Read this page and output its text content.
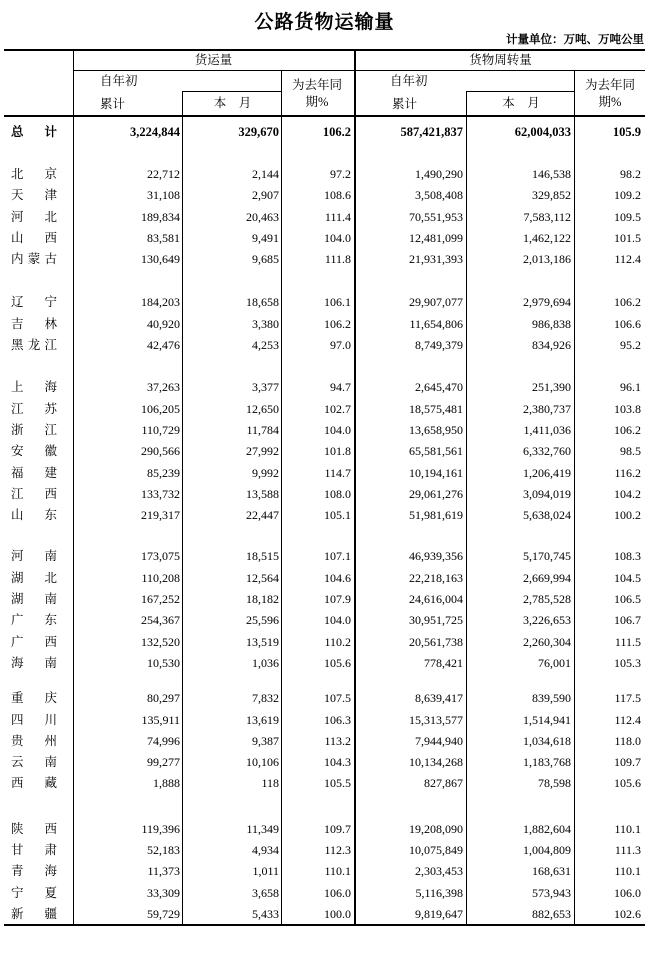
公路货物运输量
计量单位：万吨、万吨公里
货运量	货物周转量
自年初
累计	本　月
为去年同期%
自年初
累计	本　月
为去年同期%
总 计	3,224,844	329,670	106.2	587,421,837	62,004,033	105.9
北 京	22,712	2,144	97.2	1,490,290	146,538	98.2
天 津	31,108	2,907	108.6	3,508,408	329,852	109.2
河 北	189,834	20,463	111.4	70,551,953	7,583,112	109.5
山 西	83,581	9,491	104.0	12,481,099	1,462,122	101.5
内 蒙 古	130,649	9,685	111.8	21,931,393	2,013,186	112.4
辽 宁	184,203	18,658	106.1	29,907,077	2,979,694	106.2
吉 林	40,920	3,380	106.2	11,654,806	986,838	106.6
黑 龙 江	42,476	4,253	97.0	8,749,379	834,926	95.2
上 海	37,263	3,377	94.7	2,645,470	251,390	96.1
江 苏	106,205	12,650	102.7	18,575,481	2,380,737	103.8
浙 江	110,729	11,784	104.0	13,658,950	1,411,036	106.2
安 徽	290,566	27,992	101.8	65,581,561	6,332,760	98.5
福 建	85,239	9,992	114.7	10,194,161	1,206,419	116.2
江 西	133,732	13,588	108.0	29,061,276	3,094,019	104.2
山 东	219,317	22,447	105.1	51,981,619	5,638,024	100.2
河 南	173,075	18,515	107.1	46,939,356	5,170,745	108.3
湖 北	110,208	12,564	104.6	22,218,163	2,669,994	104.5
湖 南	167,252	18,182	107.9	24,616,004	2,785,528	106.5
广 东	254,367	25,596	104.0	30,951,725	3,226,653	106.7
广 西	132,520	13,519	110.2	20,561,738	2,260,304	111.5
海 南	10,530	1,036	105.6	778,421	76,001	105.3
重 庆	80,297	7,832	107.5	8,639,417	839,590	117.5
四 川	135,911	13,619	106.3	15,313,577	1,514,941	112.4
贵 州	74,996	9,387	113.2	7,944,940	1,034,618	118.0
云 南	99,277	10,106	104.3	10,134,268	1,183,768	109.7
西 藏	1,888	118	105.5	827,867	78,598	105.6
陕 西	119,396	11,349	109.7	19,208,090	1,882,604	110.1
甘 肃	52,183	4,934	112.3	10,075,849	1,004,809	111.3
青 海	11,373	1,011	110.1	2,303,453	168,631	110.1
宁 夏	33,309	3,658	106.0	5,116,398	573,943	106.0
新 疆	59,729	5,433	100.0	9,819,647	882,653	102.6
